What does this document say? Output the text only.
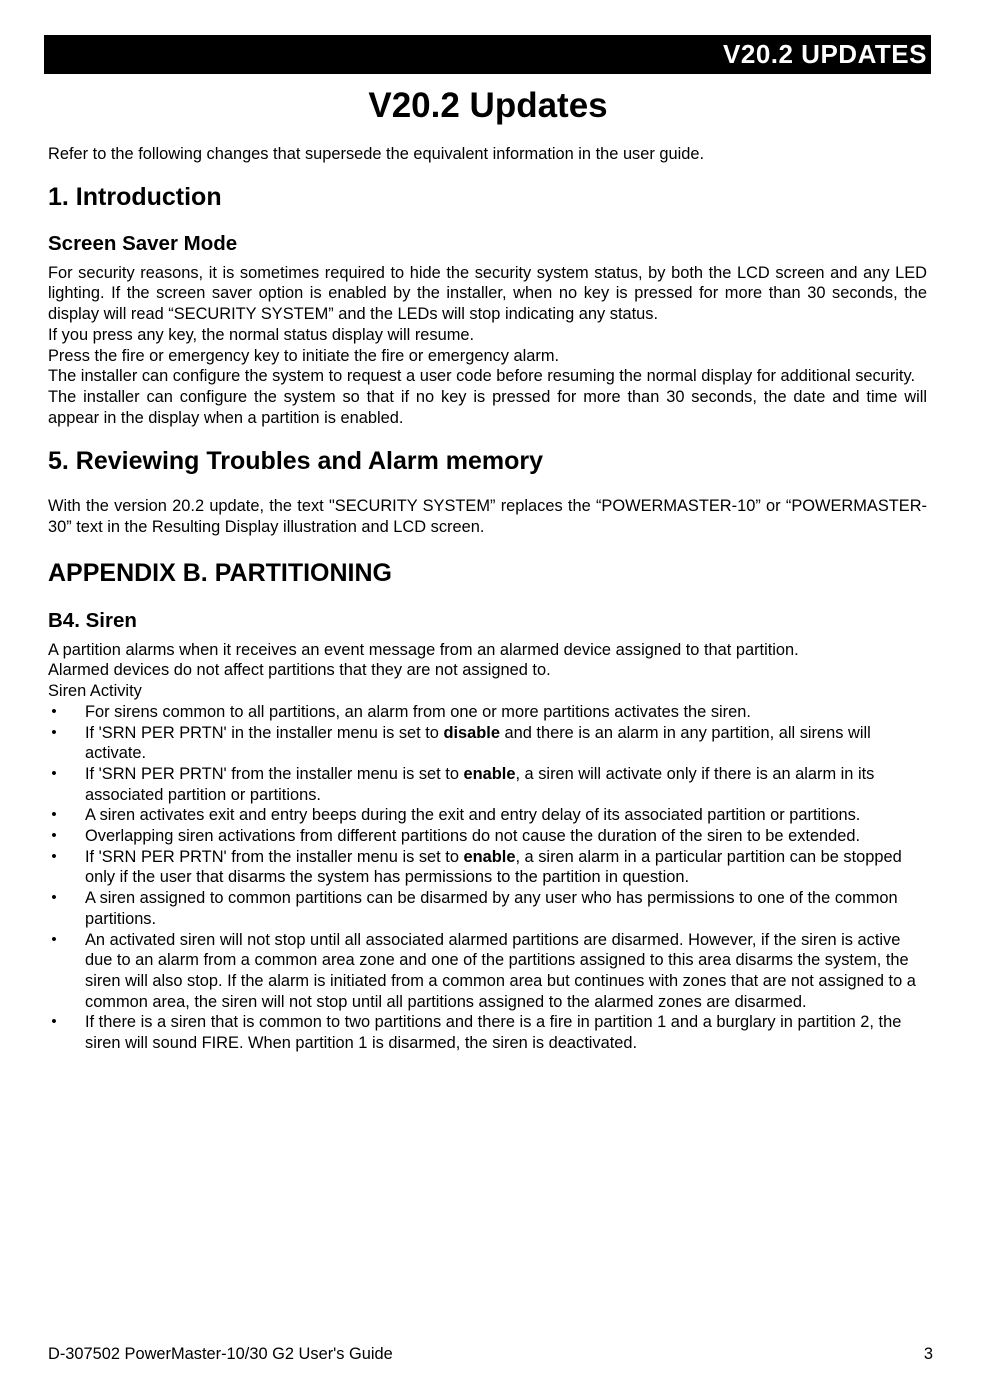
V20.2 UPDATES
V20.2 Updates

Refer to the following changes that supersede the equivalent information in the user guide.

1. Introduction
Screen Saver Mode

For security reasons, it is sometimes required to hide the security system status, by both the LCD screen and any LED lighting. If the screen saver option is enabled by the installer, when no key is pressed for more than 30 seconds, the display will read “SECURITY SYSTEM” and the LEDs will stop indicating any status.

If you press any key, the normal status display will resume.

Press the fire or emergency key to initiate the fire or emergency alarm.

The installer can configure the system to request a user code before resuming the normal display for additional security.

The installer can configure the system so that if no key is pressed for more than 30 seconds, the date and time will appear in the display when a partition is enabled.

5. Reviewing Troubles and Alarm memory

With the version 20.2 update, the text "SECURITY SYSTEM” replaces the “POWERMASTER-10” or “POWERMASTER-30” text in the Resulting Display illustration and LCD screen.

APPENDIX B. PARTITIONING
B4. Siren

A partition alarms when it receives an event message from an alarmed device assigned to that partition.

Alarmed devices do not affect partitions that they are not assigned to.

Siren Activity

• For sirens common to all partitions, an alarm from one or more partitions activates the siren.
• If 'SRN PER PRTN' in the installer menu is set to disable and there is an alarm in any partition, all sirens will activate.
• If 'SRN PER PRTN' from the installer menu is set to enable, a siren will activate only if there is an alarm in its associated partition or partitions.
• A siren activates exit and entry beeps during the exit and entry delay of its associated partition or partitions.
• Overlapping siren activations from different partitions do not cause the duration of the siren to be extended.
• If 'SRN PER PRTN' from the installer menu is set to enable, a siren alarm in a particular partition can be stopped only if the user that disarms the system has permissions to the partition in question.
• A siren assigned to common partitions can be disarmed by any user who has permissions to one of the common partitions.
• An activated siren will not stop until all associated alarmed partitions are disarmed. However, if the siren is active due to an alarm from a common area zone and one of the partitions assigned to this area disarms the system, the siren will also stop. If the alarm is initiated from a common area but continues with zones that are not assigned to a common area, the siren will not stop until all partitions assigned to the alarmed zones are disarmed.
• If there is a siren that is common to two partitions and there is a fire in partition 1 and a burglary in partition 2, the siren will sound FIRE. When partition 1 is disarmed, the siren is deactivated.
D-307502 PowerMaster-10/30 G2 User's Guide	3
